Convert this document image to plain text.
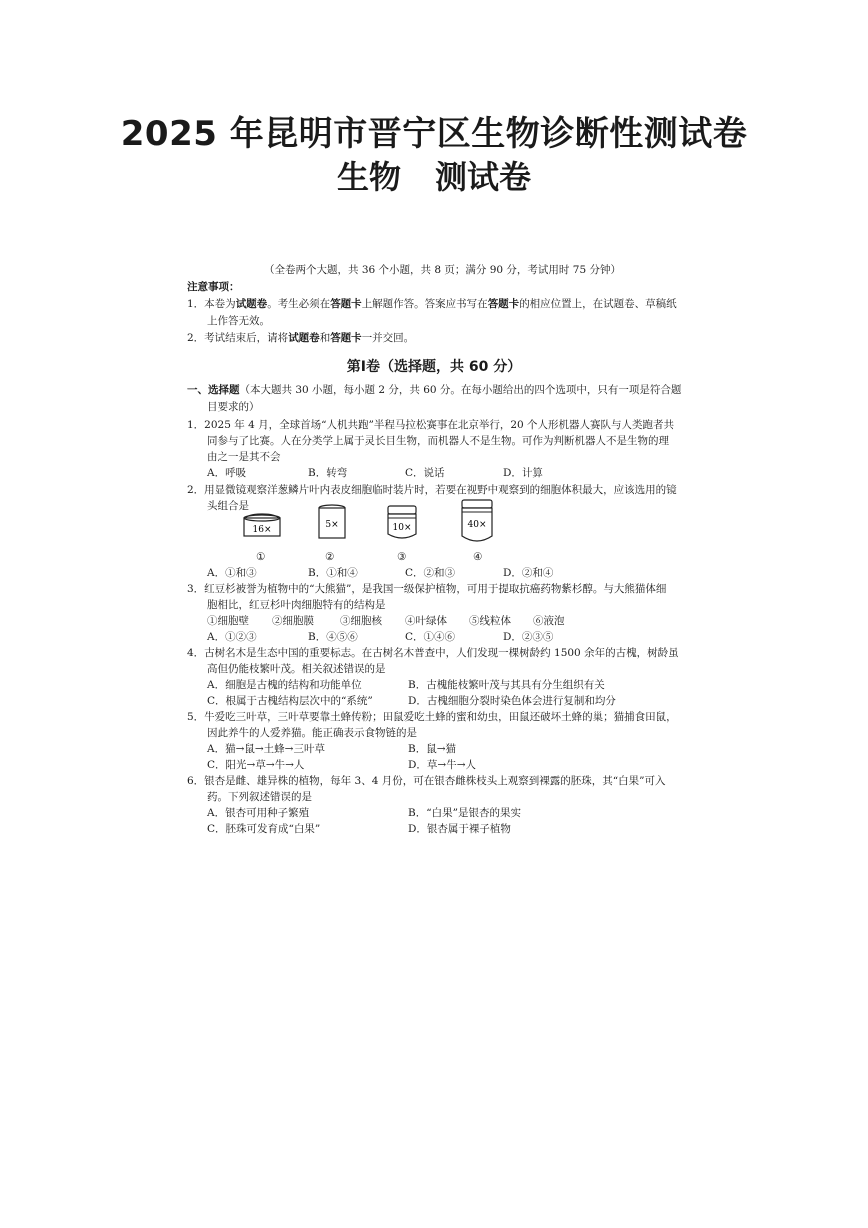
2025 年昆明市晋宁区生物诊断性测试卷
生物 测试卷
（全卷两个大题，共 36 个小题，共 8 页；满分 90 分，考试用时 75 分钟）
注意事项：
1．本卷为试题卷。考生必须在答题卡上解题作答。答案应书写在答题卡的相应位置上，在试题卷、草稿纸
上作答无效。
2．考试结束后，请将试题卷和答题卡一并交回。
第Ⅰ卷（选择题，共 60 分）
一、选择题（本大题共 30 小题，每小题 2 分，共 60 分。在每小题给出的四个选项中，只有一项是符合题
目要求的）
1．2025 年 4 月，全球首场“人机共跑”半程马拉松赛事在北京举行，20 个人形机器人赛队与人类跑者共
同参与了比赛。人在分类学上属于灵长目生物，而机器人不是生物。可作为判断机器人不是生物的理
由之一是其不会
A．呼吸	B．转弯	C．说话	D．计算
2．用显微镜观察洋葱鳞片叶内表皮细胞临时装片时，若要在视野中观察到的细胞体积最大，应该选用的镜
头组合是
16×	5×	10×	40×
①	②	③	④
A．①和③	B．①和④	C．②和③	D．②和④
3．红豆杉被誉为植物中的“大熊猫”，是我国一级保护植物，可用于提取抗癌药物紫杉醇。与大熊猫体细
胞相比，红豆杉叶肉细胞特有的结构是
①细胞壁 ②细胞膜 ③细胞核 ④叶绿体 ⑤线粒体 ⑥液泡
A．①②③	B．④⑤⑥	C．①④⑥	D．②③⑤
4．古树名木是生态中国的重要标志。在古树名木普查中，人们发现一棵树龄约 1500 余年的古槐，树龄虽
高但仍能枝繁叶茂。相关叙述错误的是
A．细胞是古槐的结构和功能单位	B．古槐能枝繁叶茂与其具有分生组织有关
C．根属于古槐结构层次中的“系统”	D．古槐细胞分裂时染色体会进行复制和均分
5．牛爱吃三叶草，三叶草要靠土蜂传粉；田鼠爱吃土蜂的蜜和幼虫，田鼠还破坏土蜂的巢；猫捕食田鼠，
因此养牛的人爱养猫。能正确表示食物链的是
A．猫→鼠→土蜂→三叶草	B．鼠→猫
C．阳光→草→牛→人	D．草→牛→人
6．银杏是雌、雄异株的植物，每年 3、4 月份，可在银杏雌株枝头上观察到裸露的胚珠，其“白果”可入
药。下列叙述错误的是
A．银杏可用种子繁殖	B．“白果”是银杏的果实
C．胚珠可发育成“白果”	D．银杏属于裸子植物
